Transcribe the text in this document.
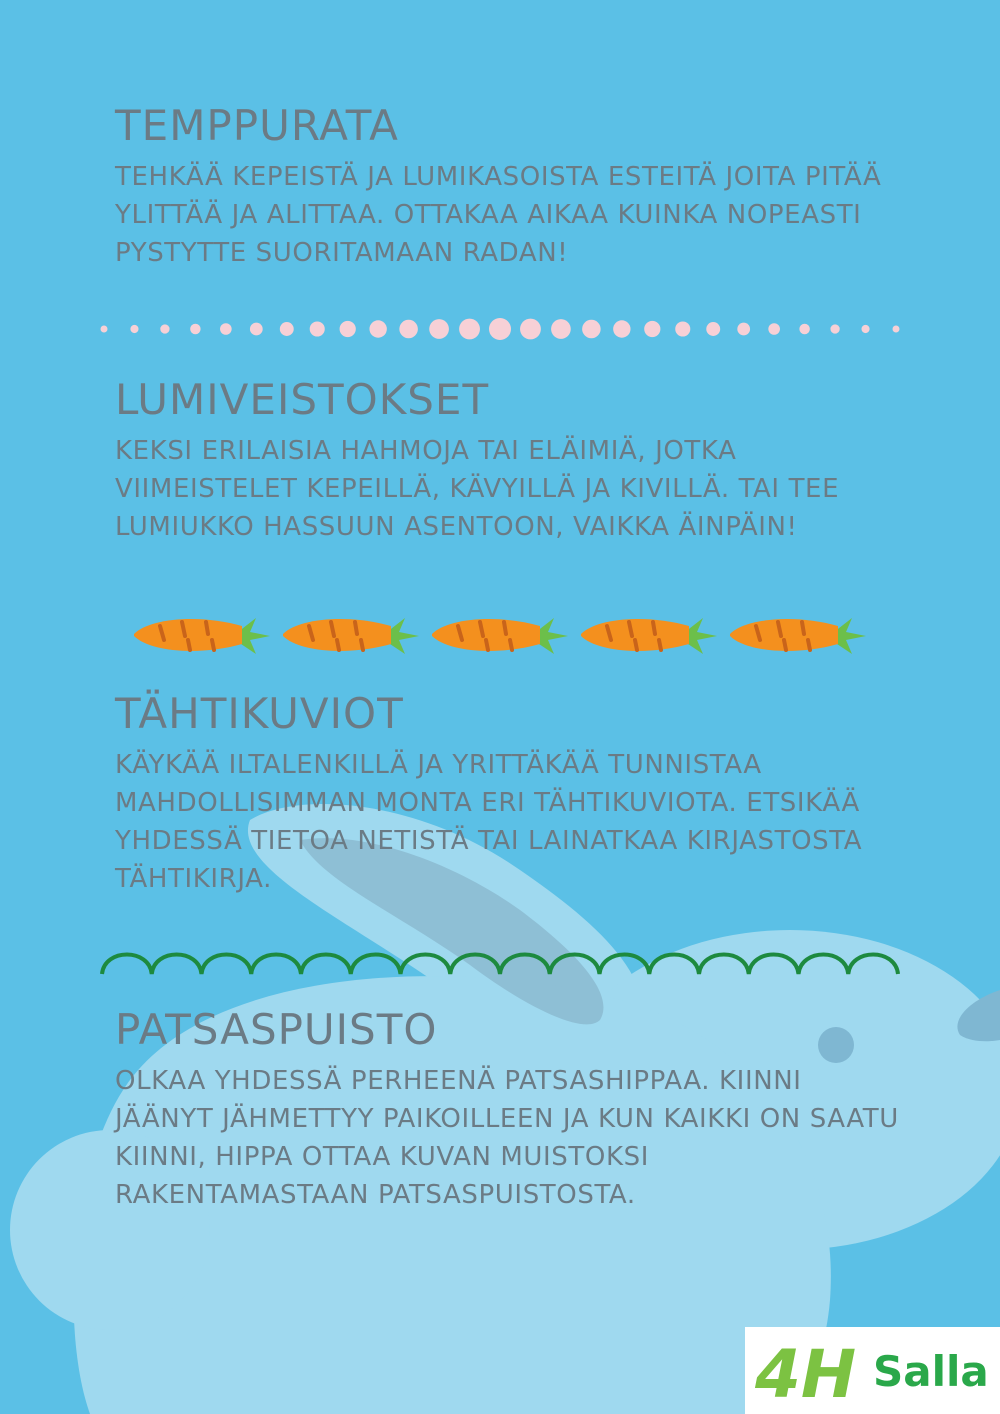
TEMPPURATA

TEHKÄÄ KEPEISTÄ JA LUMIKASOISTA ESTEITÄ JOITA PITÄÄ YLITTÄÄ JA ALITTAA. OTTAKAA AIKAA KUINKA NOPEASTI PYSTYTTE SUORITAMAAN RADAN!

LUMIVEISTOKSET

KEKSI ERILAISIA HAHMOJA TAI ELÄIMIÄ, JOTKA VIIMEISTELET KEPEILLÄ, KÄVYILLÄ JA KIVILLÄ. TAI TEE LUMIUKKO HASSUUN ASENTOON, VAIKKA ÄINPÄIN!

TÄHTIKUVIOT

KÄYKÄÄ ILTALENKILLÄ JA YRITTÄKÄÄ TUNNISTAA MAHDOLLISIMMAN MONTA ERI TÄHTIKUVIOTA. ETSIKÄÄ YHDESSÄ TIETOA NETISTÄ TAI LAINATKAA KIRJASTOSTA TÄHTIKIRJA.

PATSASPUISTO

OLKAA YHDESSÄ PERHEENÄ PATSASHIPPAA. KIINNI JÄÄNYT JÄHMETTYY PAIKOILLEEN JA KUN KAIKKI ON SAATU KIINNI, HIPPA OTTAA KUVAN MUISTOKSI RAKENTAMASTAAN PATSASPUISTOSTA.

4H Salla
